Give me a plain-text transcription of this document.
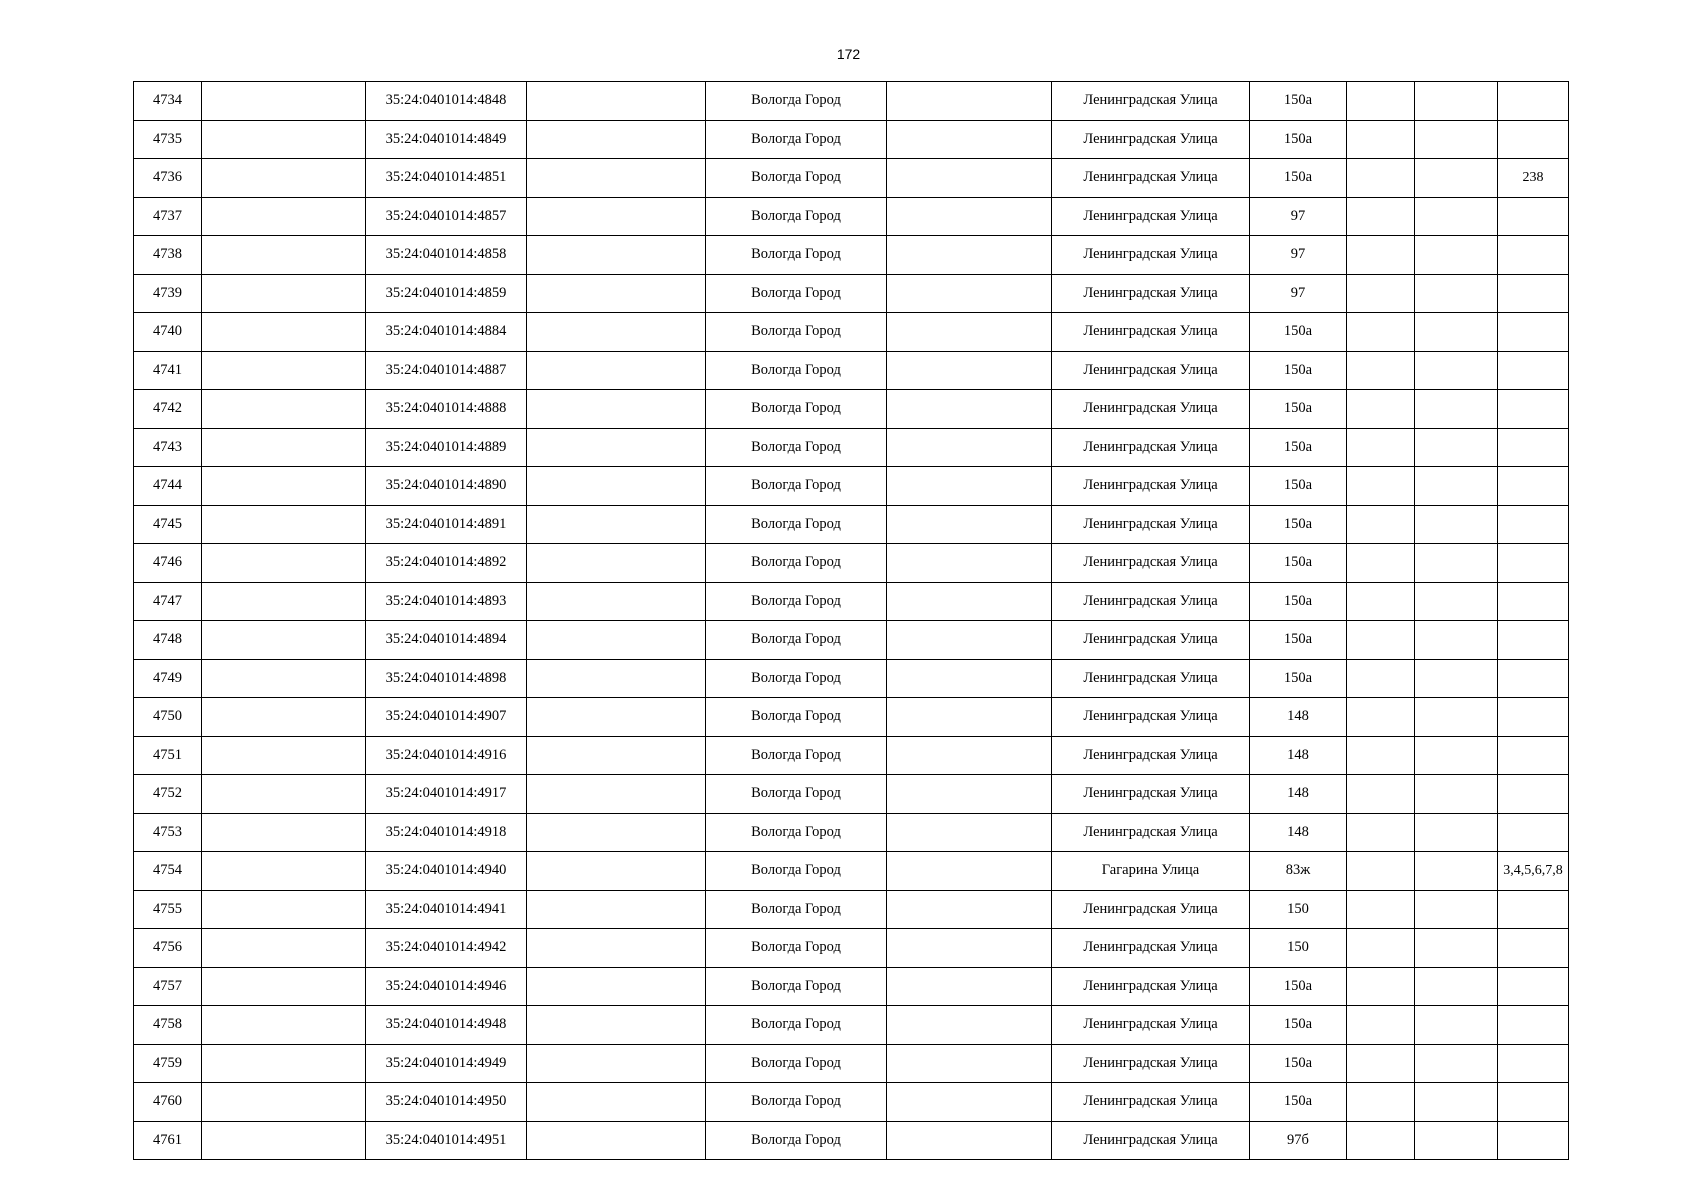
172
4734		35:24:0401014:4848		Вологда Город		Ленинградская Улица	150а			
4735		35:24:0401014:4849		Вологда Город		Ленинградская Улица	150а			
4736		35:24:0401014:4851		Вологда Город		Ленинградская Улица	150а			238
4737		35:24:0401014:4857		Вологда Город		Ленинградская Улица	97			
4738		35:24:0401014:4858		Вологда Город		Ленинградская Улица	97			
4739		35:24:0401014:4859		Вологда Город		Ленинградская Улица	97			
4740		35:24:0401014:4884		Вологда Город		Ленинградская Улица	150а			
4741		35:24:0401014:4887		Вологда Город		Ленинградская Улица	150а			
4742		35:24:0401014:4888		Вологда Город		Ленинградская Улица	150а			
4743		35:24:0401014:4889		Вологда Город		Ленинградская Улица	150а			
4744		35:24:0401014:4890		Вологда Город		Ленинградская Улица	150а			
4745		35:24:0401014:4891		Вологда Город		Ленинградская Улица	150а			
4746		35:24:0401014:4892		Вологда Город		Ленинградская Улица	150а			
4747		35:24:0401014:4893		Вологда Город		Ленинградская Улица	150а			
4748		35:24:0401014:4894		Вологда Город		Ленинградская Улица	150а			
4749		35:24:0401014:4898		Вологда Город		Ленинградская Улица	150а			
4750		35:24:0401014:4907		Вологда Город		Ленинградская Улица	148			
4751		35:24:0401014:4916		Вологда Город		Ленинградская Улица	148			
4752		35:24:0401014:4917		Вологда Город		Ленинградская Улица	148			
4753		35:24:0401014:4918		Вологда Город		Ленинградская Улица	148			
4754		35:24:0401014:4940		Вологда Город		Гагарина Улица	83ж			3,4,5,6,7,8
4755		35:24:0401014:4941		Вологда Город		Ленинградская Улица	150			
4756		35:24:0401014:4942		Вологда Город		Ленинградская Улица	150			
4757		35:24:0401014:4946		Вологда Город		Ленинградская Улица	150а			
4758		35:24:0401014:4948		Вологда Город		Ленинградская Улица	150а			
4759		35:24:0401014:4949		Вологда Город		Ленинградская Улица	150а			
4760		35:24:0401014:4950		Вологда Город		Ленинградская Улица	150а			
4761		35:24:0401014:4951		Вологда Город		Ленинградская Улица	97б			
